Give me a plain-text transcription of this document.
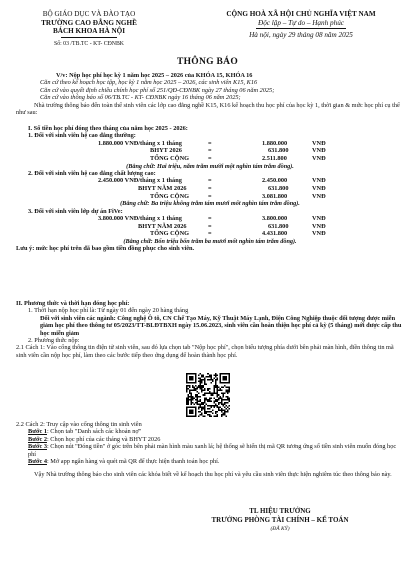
BỘ GIÁO DỤC VÀ ĐÀO TẠO
TRƯỜNG CAO ĐẲNG NGHỀ
BÁCH KHOA HÀ NỘI
Số: 03 /TB.TC - KT- CĐNBK
CỘNG HOÀ XÃ HỘI CHỦ NGHĨA VIỆT NAM
Độc lập – Tự do – Hạnh phúc
Hà nội, ngày 29 tháng 08 năm 2025
THÔNG BÁO
V/v: Nộp học phí học kỳ 1 năm học 2025 – 2026 của KHÓA 15, KHÓA 16
Căn cứ theo kế hoạch học tập, học kỳ 1 năm học 2025 – 2026, các sinh viên K15, K16
Căn cứ vào quyết định chiều chính học phí số 251/QĐ-CĐNBK ngày 27 tháng 06 năm 2025;
Căn cứ vào thông báo số 06/TB.TC - KT- CĐNBK ngày 16 tháng 06 năm 2025;
Nhà trường thông báo đến toàn thể sinh viên các lớp cao đẳng nghề K15, K16 kế hoạch thu học phí của học kỳ 1, thời gian & mức học phí cụ thể như sau:
I. Số tiền học phí đóng theo tháng của năm học 2025 - 2026:
1. Đối với sinh viên hệ cao đẳng thường:
1.880.000 VNĐ/tháng x 1 tháng	=	1.880.000	VNĐ
BHYT 2026	=	631.800	VNĐ
TỔNG CỘNG	=	2.511.800	VNĐ
(Bằng chữ: Hai triệu, năm trăm mười một nghìn tám trăm đồng).
2. Đối với sinh viên hệ cao đẳng chất lượng cao:
2.450.000 VNĐ/tháng x 1 tháng	=	2.450.000	VNĐ
BHYT NĂM 2026	=	631.800	VNĐ
TỔNG CỘNG	=	3.081.800	VNĐ
(Bằng chữ: Ba triệu không trăm tám mươi mốt nghìn tám trăm đồng).
3. Đối với sinh viên lớp dự án FiVe:
3.800.000 VNĐ/tháng x 1 tháng	=	3.800.000	VNĐ
BHYT NĂM 2026	=	631.800	VNĐ
TỔNG CỘNG	=	4.431.800	VNĐ
(Bằng chữ: Bốn triệu bốn trăm ba mươi mốt nghìn tám trăm đồng).
Lưu ý: mức học phí trên đã bao gồm tiền đồng phục cho sinh viên.
II. Phương thức và thời hạn đóng học phí:
1. Thời hạn nộp học phí là: Từ ngày 01 đến ngày 20 hàng tháng
Đối với sinh viên các ngành: Công nghệ Ô tô, CN Chế Tạo Máy, Kỹ Thuật Máy Lạnh, Điện Công Nghiệp thuộc đối tượng được miễn giảm học phí theo thông tư 05/2023/TT-BLĐTBXH ngày 15.06.2023, sinh viên cần hoàn thiện học phí cả kỳ (5 tháng) mới được cấp thu học miễn giảm
2. Phương thức nộp:
2.1 Cách 1: Vào cổng thông tin điện tử sinh viên, sau đó lựa chọn tab "Nộp học phí", chọn biểu tượng phía dưới bên phải màn hình, điền thông tin mã sinh viên cần nộp học phí, làm theo các bước tiếp theo ứng dụng để hoàn thành học phí.
2.2 Cách 2: Truy cập vào cổng thông tin sinh viên
Bước 1: Chọn tab "Danh sách các khoản nợ"
Bước 2: Chọn học phí của các tháng và BHYT 2026
Bước 3: Chọn nút "Đóng tiền" ở góc trên bên phải màn hình màu xanh lá; hệ thống sẽ hiển thị mã QR tương ứng số tiền sinh viên muốn đóng học phí
Bước 4: Mở app ngân hàng và quét mã QR để thực hiện thanh toán học phí.
Vậy Nhà trường thông báo cho sinh viên các khóa biết về kế hoạch thu học phí và yêu cầu sinh viên thực hiện nghiêm túc theo thông báo này.
TL HIỆU TRƯỞNG
TRƯỞNG PHÒNG TÀI CHÍNH – KẾ TOÁN
(ĐÃ KÝ)
